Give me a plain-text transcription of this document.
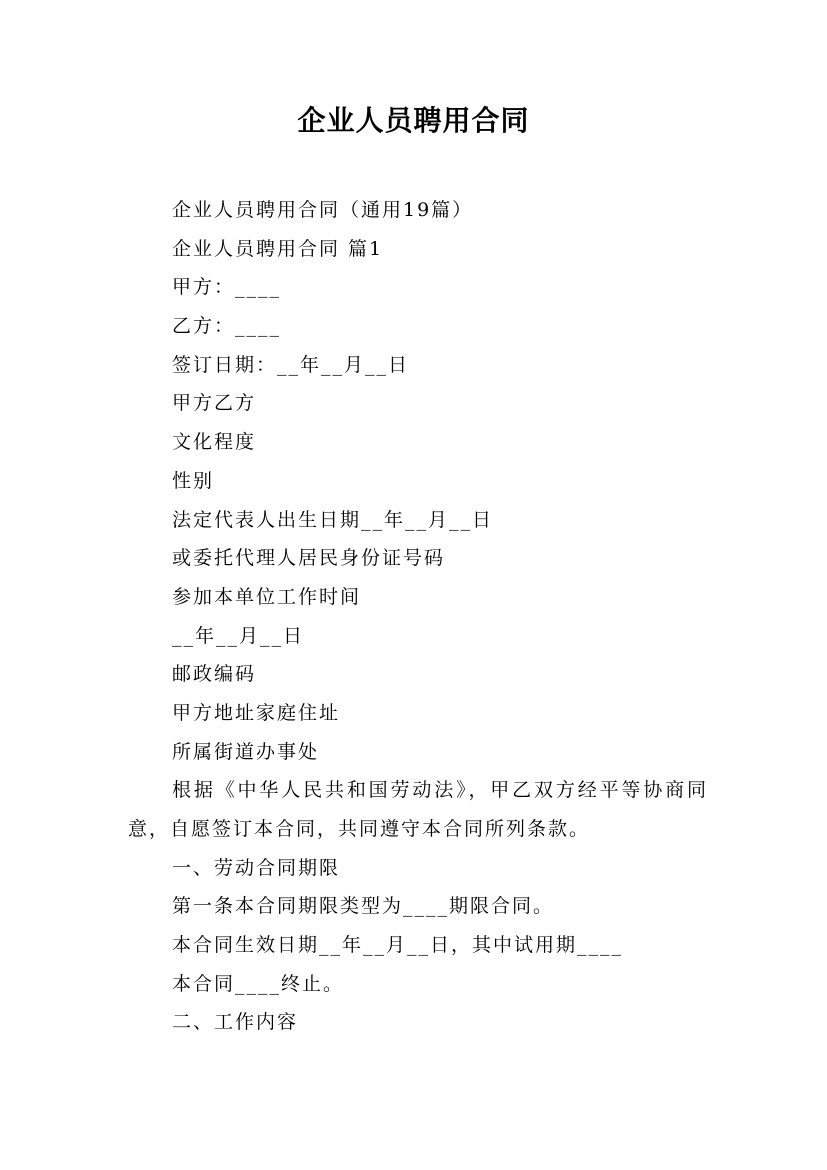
企业人员聘用合同
企业人员聘用合同（通用19篇）
企业人员聘用合同 篇1
甲方：____
乙方：____
签订日期：__年__月__日
甲方乙方
文化程度
性别
法定代表人出生日期__年__月__日
或委托代理人居民身份证号码
参加本单位工作时间
__年__月__日
邮政编码
甲方地址家庭住址
所属街道办事处
根据《中华人民共和国劳动法》，甲乙双方经平等协商同意，自愿签订本合同，共同遵守本合同所列条款。
一、劳动合同期限
第一条本合同期限类型为____期限合同。
本合同生效日期__年__月__日，其中试用期____
本合同____终止。
二、工作内容
